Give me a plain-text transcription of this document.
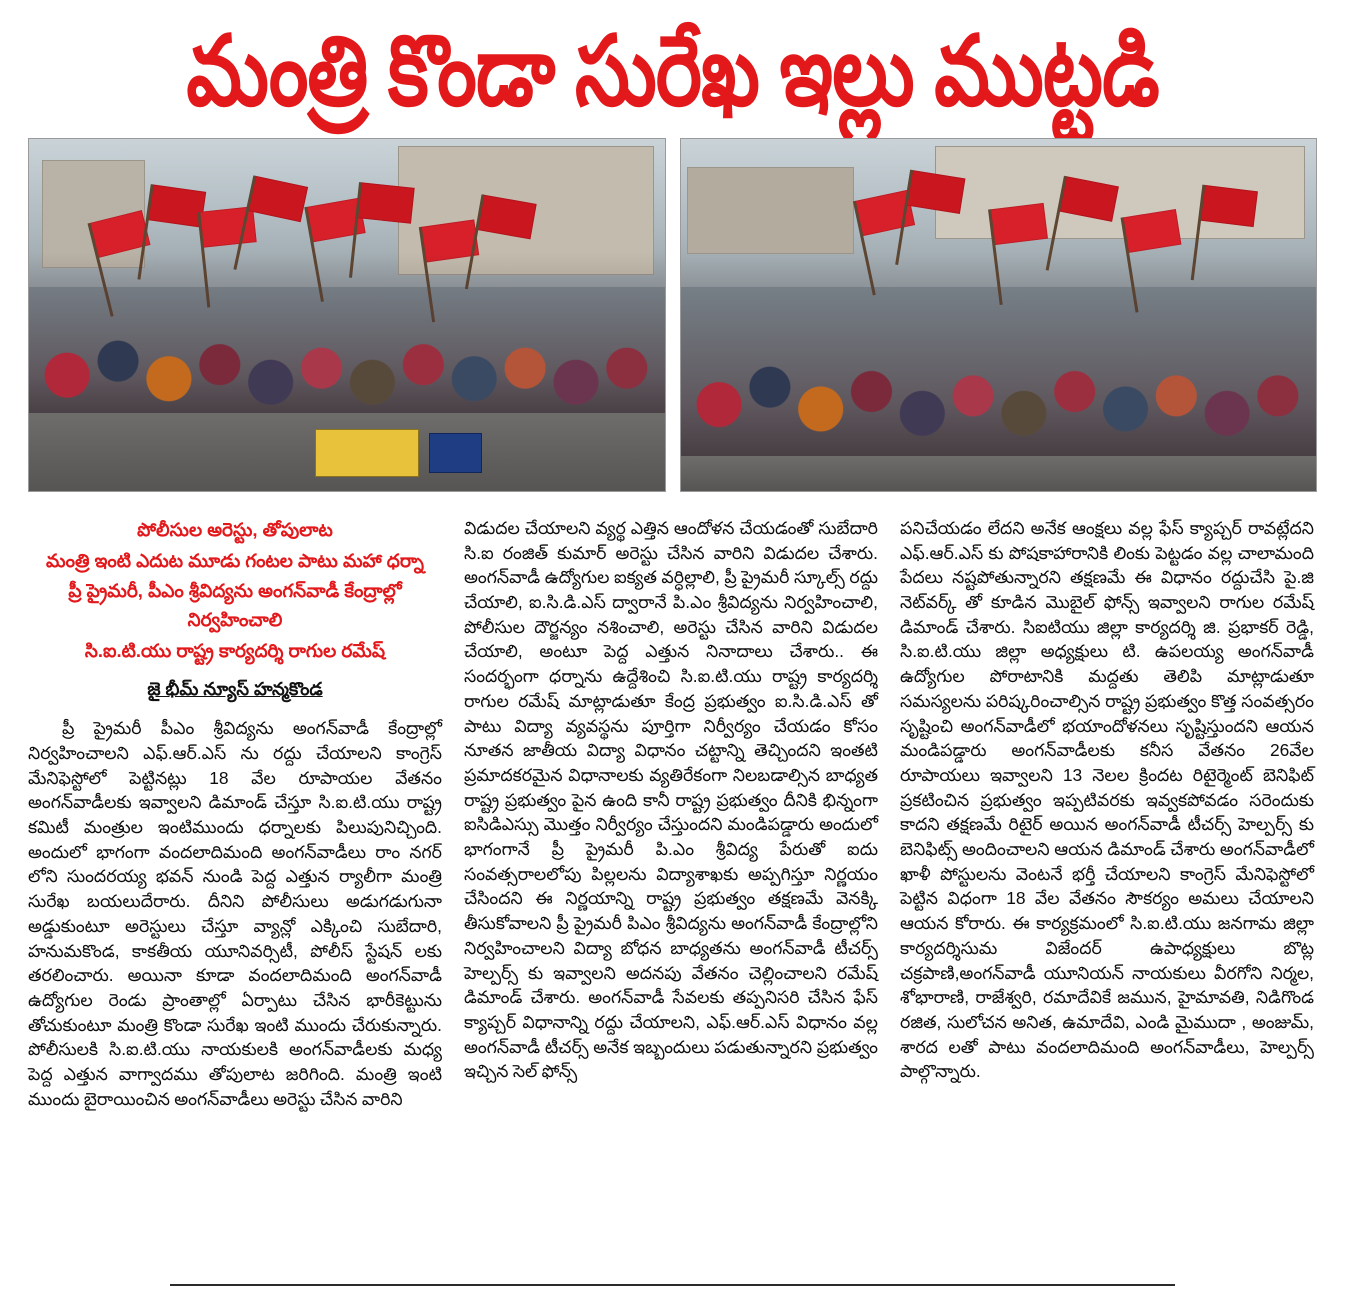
మంత్రి కొండా సురేఖ ఇల్లు ముట్టడి
పోలీసుల అరెస్టు, తోపులాట
మంత్రి ఇంటి ఎదుట మూడు గంటల పాటు మహా ధర్నా
ప్రీ ప్రైమరీ, పీఎం శ్రీవిద్యను అంగన్‌వాడీ కేంద్రాల్లో నిర్వహించాలి
సి.ఐ.టి.యు రాష్ట్ర కార్యదర్శి రాగుల రమేష్
జై భీమ్ న్యూస్ హన్మకొండ
ప్రీ ప్రైమరీ పీఎం శ్రీవిద్యను అంగన్‌వాడీ కేంద్రాల్లో నిర్వహించాలని ఎఫ్.ఆర్.ఎస్ ను రద్దు చేయాలని కాంగ్రెస్ మేనిఫెస్టోలో పెట్టినట్లు 18 వేల రూపాయల వేతనం అంగన్‌వాడీలకు ఇవ్వాలని డిమాండ్ చేస్తూ సి.ఐ.టి.యు రాష్ట్ర కమిటీ మంత్రుల ఇంటిముందు ధర్నాలకు పిలుపునిచ్చింది. అందులో భాగంగా వందలాదిమంది అంగన్‌వాడీలు రాం నగర్ లోని సుందరయ్య భవన్ నుండి పెద్ద ఎత్తున ర్యాలీగా మంత్రి సురేఖ బయలుదేరారు. దీనిని పోలీసులు అడుగడుగునా అడ్డుకుంటూ అరెస్టులు చేస్తూ వ్యాన్లో ఎక్కించి సుబేదారి, హనుమకొండ, కాకతీయ యూనివర్సిటీ, పోలీస్ స్టేషన్ లకు తరలించారు. అయినా కూడా వందలాదిమంది అంగన్‌వాడీ ఉద్యోగుల రెండు ప్రాంతాల్లో ఏర్పాటు చేసిన భారీకెట్టును తోచుకుంటూ మంత్రి కొండా సురేఖ ఇంటి ముందు చేరుకున్నారు. పోలీసులకి సి.ఐ.టి.యు నాయకులకి అంగన్‌వాడీలకు మధ్య పెద్ద ఎత్తున వాగ్వాదము తోపులాట జరిగింది. మంత్రి ఇంటి ముందు బైరాయించిన అంగన్‌వాడీలు అరెస్టు చేసిన వారిని
విడుదల చేయాలని వ్యర్థ ఎత్తిన ఆందోళన చేయడంతో సుబేదారి సి.ఐ రంజిత్ కుమార్ అరెస్టు చేసిన వారిని విడుదల చేశారు. అంగన్‌వాడీ ఉద్యోగుల ఐక్యత వర్ధిల్లాలి, ప్రీ ప్రైమరీ స్కూల్స్ రద్దు చేయాలి, ఐ.సి.డి.ఎస్ ద్వారానే పి.ఎం శ్రీవిద్యను నిర్వహించాలి, పోలీసుల దౌర్జన్యం నశించాలి, అరెస్టు చేసిన వారిని విడుదల చేయాలి, అంటూ పెద్ద ఎత్తున నినాదాలు చేశారు.. ఈ సందర్భంగా ధర్నాను ఉద్దేశించి సి.ఐ.టి.యు రాష్ట్ర కార్యదర్శి రాగుల రమేష్ మాట్లాడుతూ కేంద్ర ప్రభుత్వం ఐ.సి.డి.ఎస్ తో పాటు విద్యా వ్యవస్థను పూర్తిగా నిర్వీర్యం చేయడం కోసం నూతన జాతీయ విద్యా విధానం చట్టాన్ని తెచ్చిందని ఇంతటి ప్రమాదకరమైన విధానాలకు వ్యతిరేకంగా నిలబడాల్సిన బాధ్యత రాష్ట్ర ప్రభుత్వం పైన ఉంది కానీ రాష్ట్ర ప్రభుత్వం దీనికి భిన్నంగా ఐసిడిఎస్సు మొత్తం నిర్వీర్యం చేస్తుందని మండిపడ్డారు అందులో భాగంగానే ప్రీ ప్రైమరీ పి.ఎం శ్రీవిద్య పేరుతో ఐదు సంవత్సరాలలోపు పిల్లలను విద్యాశాఖకు అప్పగిస్తూ నిర్ణయం చేసిందని ఈ నిర్ణయాన్ని రాష్ట్ర ప్రభుత్వం తక్షణమే వెనక్కి తీసుకోవాలని ప్రీ ప్రైమరీ పిఎం శ్రీవిద్యను అంగన్‌వాడీ కేంద్రాల్లోని నిర్వహించాలని విద్యా బోధన బాధ్యతను అంగన్‌వాడీ టీచర్స్ హెల్పర్స్ కు ఇవ్వాలని అదనపు వేతనం చెల్లించాలని రమేష్ డిమాండ్ చేశారు. అంగన్‌వాడీ సేవలకు తప్పనిసరి చేసిన ఫేస్ క్యాప్చర్ విధానాన్ని రద్దు చేయాలని, ఎఫ్.ఆర్.ఎస్ విధానం వల్ల అంగన్‌వాడీ టీచర్స్ అనేక ఇబ్బందులు పడుతున్నారని ప్రభుత్వం ఇచ్చిన సెల్ ఫోన్స్
పనిచేయడం లేదని అనేక ఆంక్షలు వల్ల ఫేస్ క్యాప్చర్ రావట్లేదని ఎఫ్.ఆర్.ఎస్ కు పోషకాహారానికి లింకు పెట్టడం వల్ల చాలామంది పేదలు నష్టపోతున్నారని తక్షణమే ఈ విధానం రద్దుచేసి పై.జి నెట్‌వర్క్ తో కూడిన మొబైల్ ఫోన్స్ ఇవ్వాలని రాగుల రమేష్ డిమాండ్ చేశారు. సిఐటియు జిల్లా కార్యదర్శి జి. ప్రభాకర్ రెడ్డి, సి.ఐ.టి.యు జిల్లా అధ్యక్షులు టి. ఉపలయ్య అంగన్‌వాడీ ఉద్యోగుల పోరాటానికి మద్దతు తెలిపి మాట్లాడుతూ సమస్యలను పరిష్కరించాల్సిన రాష్ట్ర ప్రభుత్వం కొత్త సంవత్సరం సృష్టించి అంగన్‌వాడీలో భయాందోళనలు సృష్టిస్తుందని ఆయన మండిపడ్డారు అంగన్‌వాడీలకు కనీస వేతనం 26వేల రూపాయలు ఇవ్వాలని 13 నెలల క్రిందట రిటైర్మెంట్ బెనిఫిట్ ప్రకటించిన ప్రభుత్వం ఇప్పటివరకు ఇవ్వకపోవడం సరెందుకు కాదని తక్షణమే రిటైర్ అయిన అంగన్‌వాడీ టీచర్స్ హెల్పర్స్ కు బెనిఫిట్స్ అందించాలని ఆయన డిమాండ్ చేశారు అంగన్‌వాడీలో ఖాళీ పోస్టులను వెంటనే భర్తీ చేయాలని కాంగ్రెస్ మేనిఫెస్టోలో పెట్టిన విధంగా 18 వేల వేతనం సౌకర్యం అమలు చేయాలని ఆయన కోరారు. ఈ కార్యక్రమంలో సి.ఐ.టి.యు జనగామ జిల్లా కార్యదర్శిసుమ విజేందర్ ఉపాధ్యక్షులు బొట్ల చక్రపాణి,అంగన్‌వాడీ యూనియన్ నాయకులు వీరగోని నిర్మల, శోభారాణి, రాజేశ్వరి, రమాదేవికే జమున, హైమావతి, నిడిగొండ రజిత, సులోచన అనిత, ఉమాదేవి, ఎండి మైముదా , అంజుమ్, శారద లతో పాటు వందలాదిమంది అంగన్‌వాడీలు, హెల్పర్స్ పాల్గొన్నారు.
